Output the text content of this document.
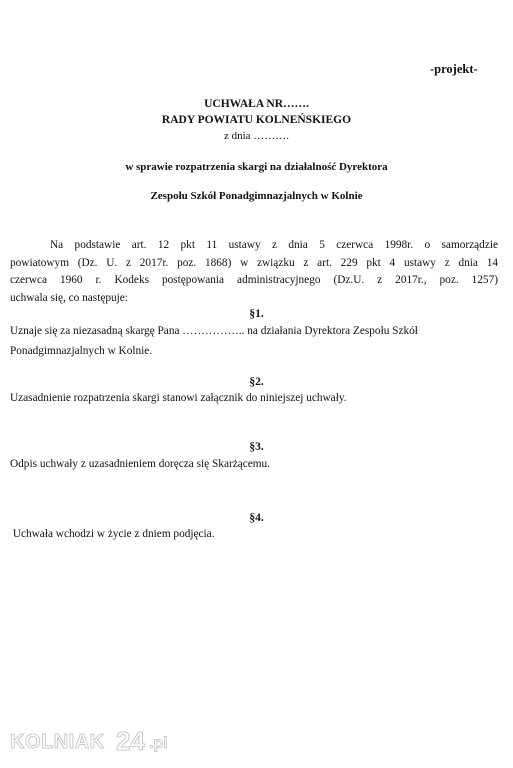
-projekt-
UCHWAŁA NR…….
RADY POWIATU KOLNEŃSKIEGO
z dnia ……….
w sprawie rozpatrzenia skargi na działalność Dyrektora
Zespołu Szkół Ponadgimnazjalnych w Kolnie
Na podstawie art. 12 pkt 11 ustawy z dnia 5 czerwca 1998r. o samorządzie
powiatowym (Dz. U. z 2017r. poz. 1868) w związku z art. 229 pkt 4 ustawy z dnia 14
czerwca 1960 r. Kodeks postępowania administracyjnego (Dz.U. z 2017r., poz. 1257)
uchwala się, co następuje:
§1.
Uznaje się za niezasadną skargę Pana …………….. na działania Dyrektora Zespołu Szkół
Ponadgimnazjalnych w Kolnie.
§2.
Uzasadnienie rozpatrzenia skargi stanowi załącznik do niniejszej uchwały.
§3.
Odpis uchwały z uzasadnieniem doręcza się Skarżącemu.
§4.
Uchwała wchodzi w życie z dniem podjęcia.
KOLNIAK 24 .pl
